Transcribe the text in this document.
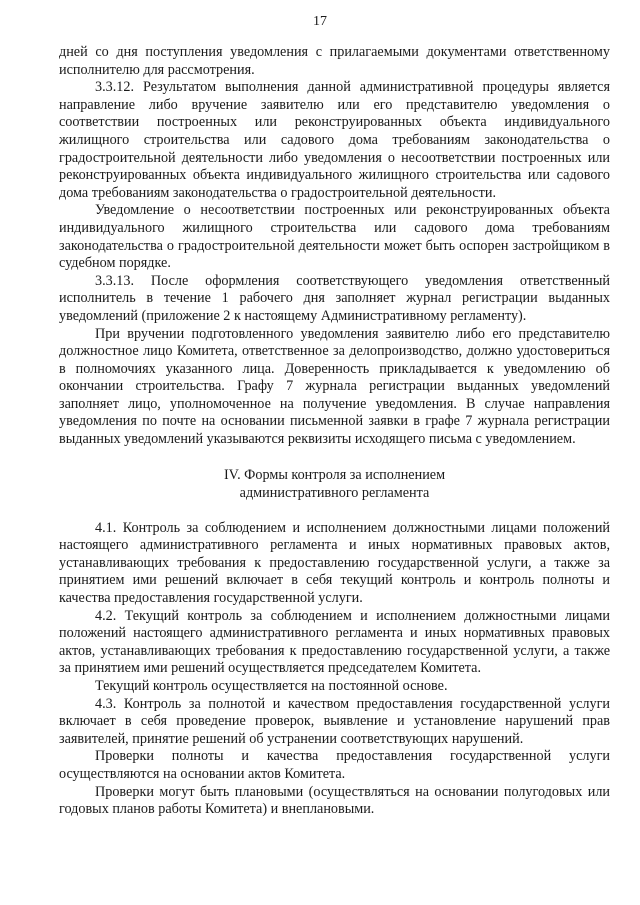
17

дней со дня поступления уведомления с прилагаемыми документами ответственному исполнителю для рассмотрения.

3.3.12. Результатом выполнения данной административной процедуры является направление либо вручение заявителю или его представителю уведомления о соответствии построенных или реконструированных объекта индивидуального жилищного строительства или садового дома требованиям законодательства о градостроительной деятельности либо уведомления о несоответствии построенных или реконструированных объекта индивидуального жилищного строительства или садового дома требованиям законодательства о градостроительной деятельности.

Уведомление о несоответствии построенных или реконструированных объекта индивидуального жилищного строительства или садового дома требованиям законодательства о градостроительной деятельности может быть оспорен застройщиком в судебном порядке.

3.3.13. После оформления соответствующего уведомления ответственный исполнитель в течение 1 рабочего дня заполняет журнал регистрации выданных уведомлений (приложение 2 к настоящему Административному регламенту).

При вручении подготовленного уведомления заявителю либо его представителю должностное лицо Комитета, ответственное за делопроизводство, должно удостовериться в полномочиях указанного лица. Доверенность прикладывается к уведомлению об окончании строительства. Графу 7 журнала регистрации выданных уведомлений заполняет лицо, уполномоченное на получение уведомления. В случае направления уведомления по почте на основании письменной заявки в графе 7 журнала регистрации выданных уведомлений указываются реквизиты исходящего письма с уведомлением.

IV. Формы контроля за исполнением
административного регламента

4.1. Контроль за соблюдением и исполнением должностными лицами положений настоящего административного регламента и иных нормативных правовых актов, устанавливающих требования к предоставлению государственной услуги, а также за принятием ими решений включает в себя текущий контроль и контроль полноты и качества предоставления государственной услуги.

4.2. Текущий контроль за соблюдением и исполнением должностными лицами положений настоящего административного регламента и иных нормативных правовых актов, устанавливающих требования к предоставлению государственной услуги, а также за принятием ими решений осуществляется председателем Комитета.

Текущий контроль осуществляется на постоянной основе.

4.3. Контроль за полнотой и качеством предоставления государственной услуги включает в себя проведение проверок, выявление и установление нарушений прав заявителей, принятие решений об устранении соответствующих нарушений.

Проверки полноты и качества предоставления государственной услуги осуществляются на основании актов Комитета.

Проверки могут быть плановыми (осуществляться на основании полугодовых или годовых планов работы Комитета) и внеплановыми.
